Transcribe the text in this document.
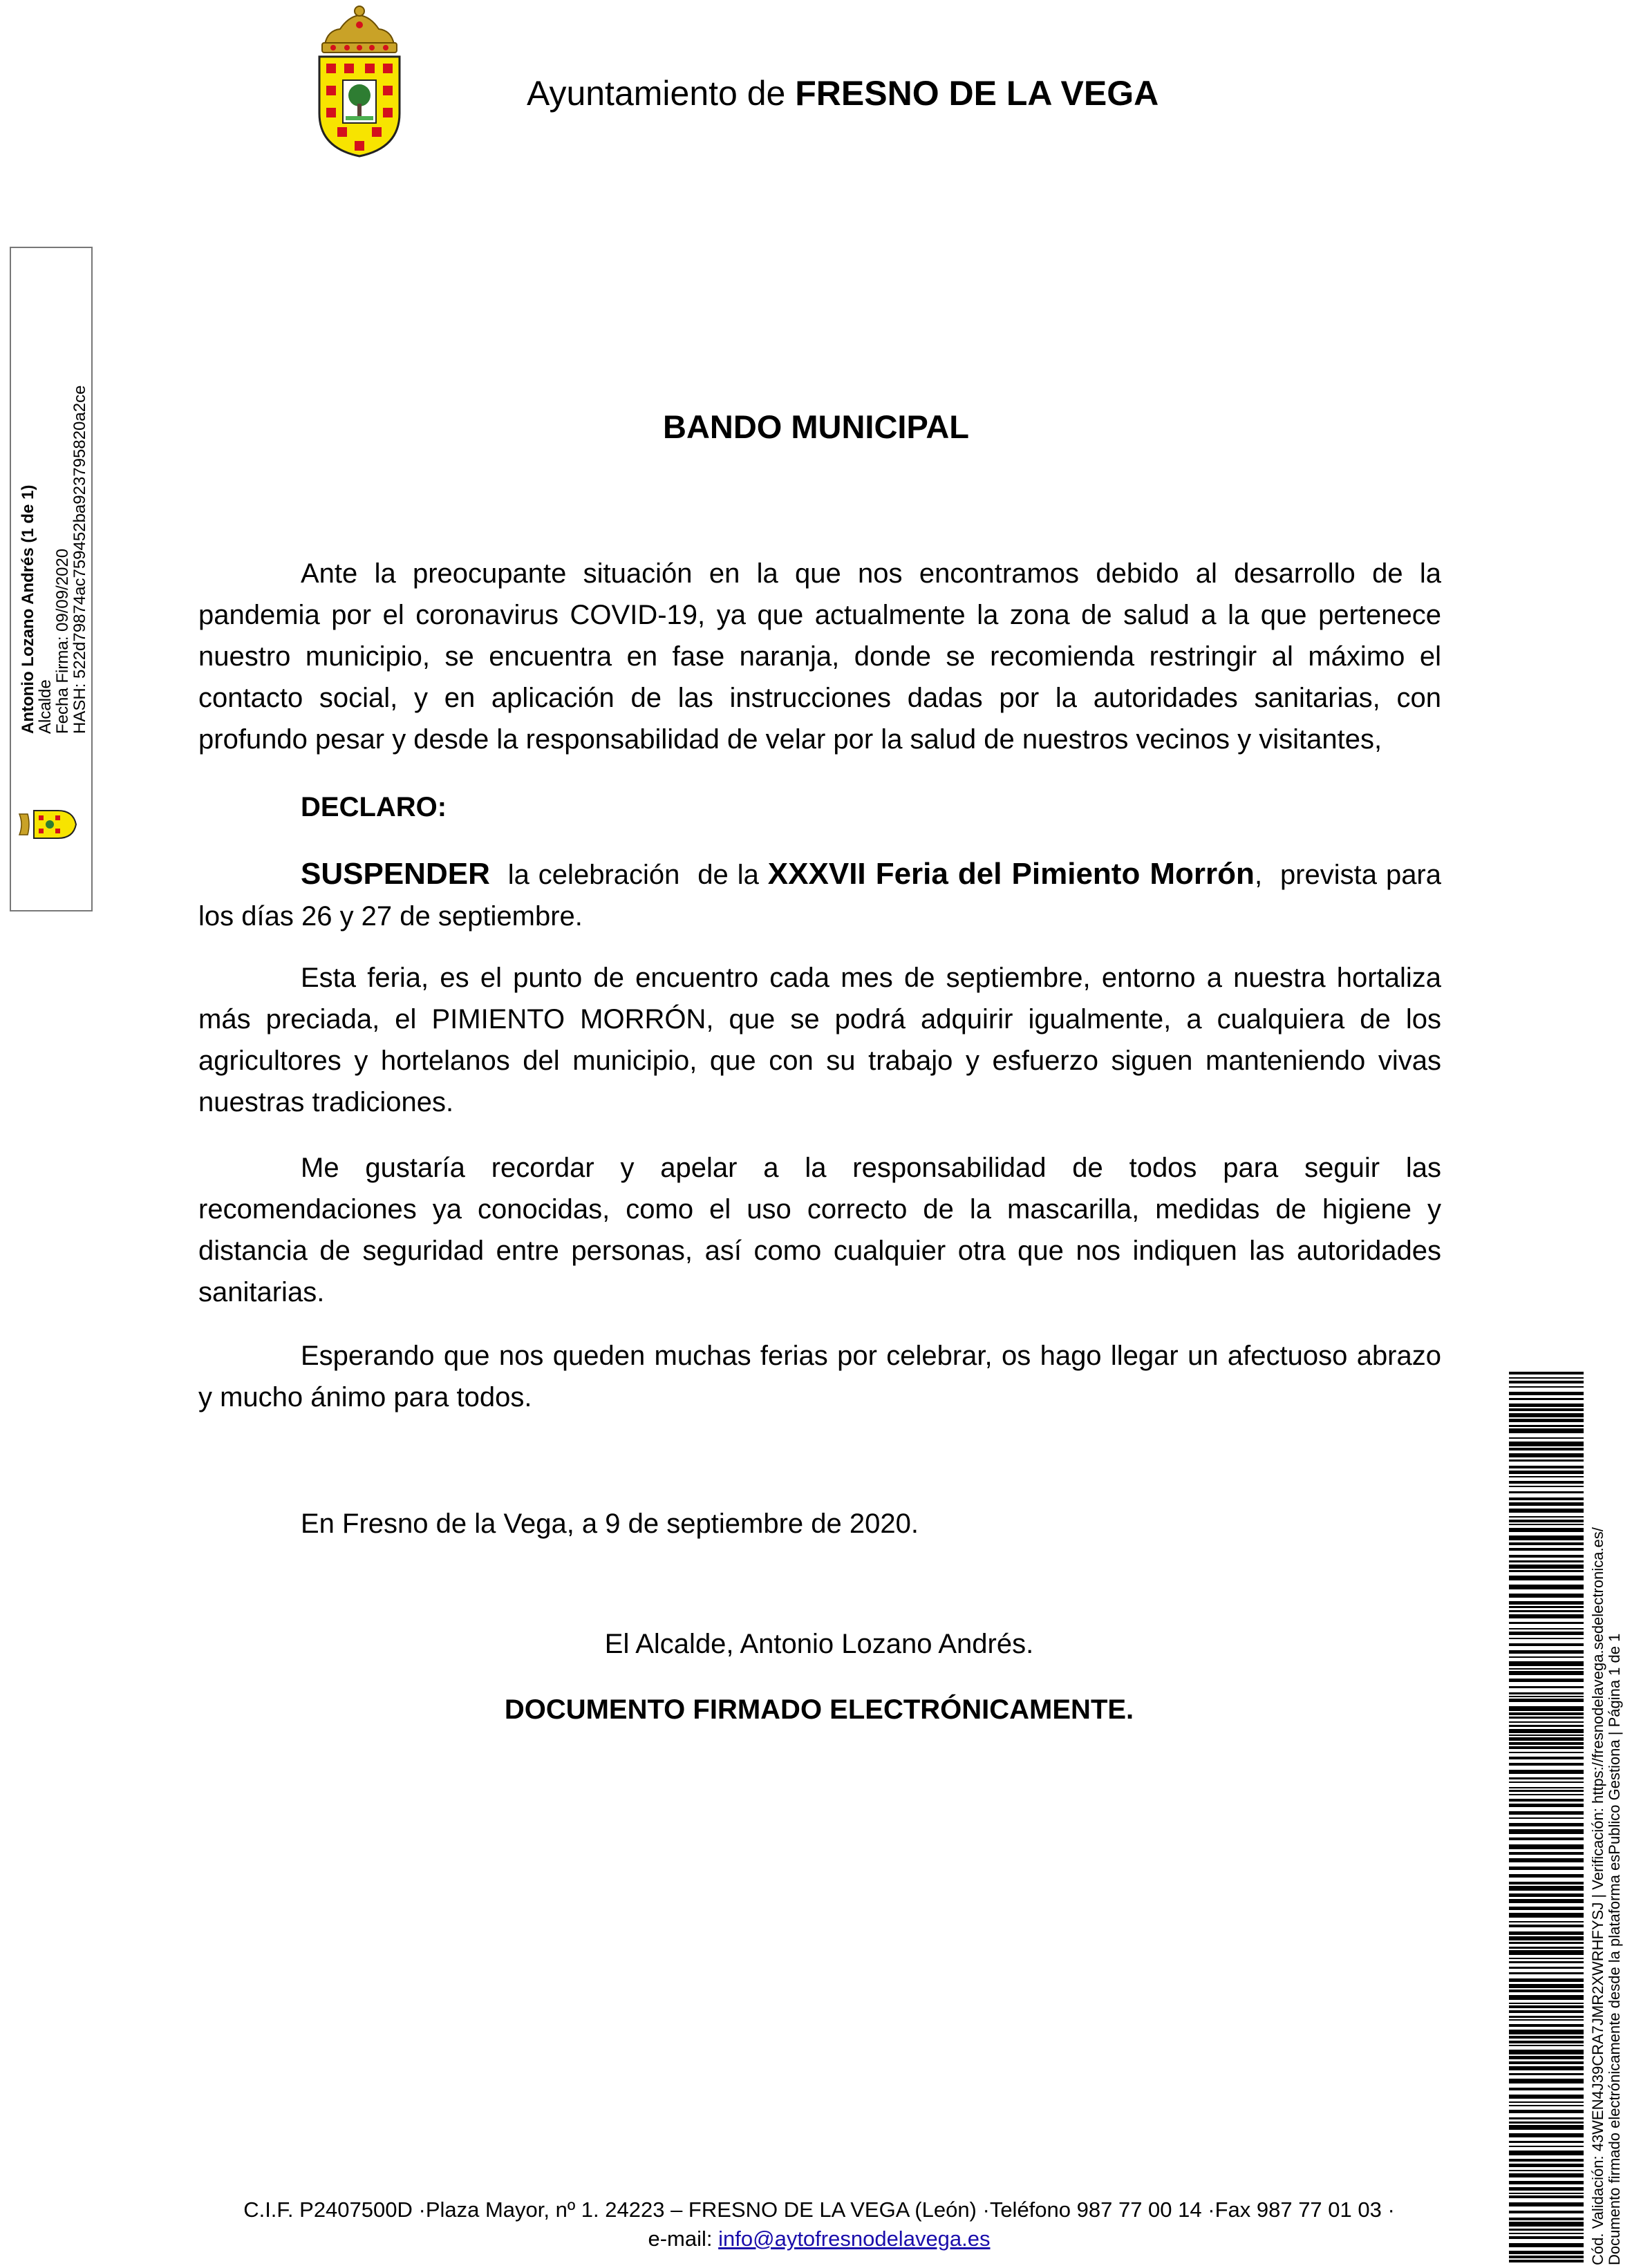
Ayuntamiento de FRESNO DE LA VEGA
Antonio Lozano Andrés (1 de 1)
Alcalde
Fecha Firma: 09/09/2020
HASH: 522d79874ac759452ba923795820a2ce	BANDO MUNICIPAL
Ante la preocupante situación en la que nos encontramos debido al desarrollo de la pandemia por el coronavirus COVID-19, ya que actualmente la zona de salud a la que pertenece nuestro municipio, se encuentra en fase naranja, donde se recomienda restringir al máximo el contacto social, y en aplicación de las instrucciones dadas por la autoridades sanitarias, con profundo pesar y desde la responsabilidad de velar por la salud de nuestros vecinos y visitantes,
DECLARO:
SUSPENDER  la celebración  de la XXXVII Feria del Pimiento Morrón,  prevista para los días 26 y 27 de septiembre.
Esta feria, es el punto de encuentro cada mes de septiembre, entorno a nuestra hortaliza más preciada, el PIMIENTO MORRÓN, que se podrá adquirir igualmente, a cualquiera de los agricultores y hortelanos del municipio, que con su trabajo y esfuerzo siguen manteniendo vivas nuestras tradiciones.
Me gustaría recordar y apelar a la responsabilidad de todos para seguir las recomendaciones ya conocidas, como el uso correcto de la mascarilla, medidas de higiene y distancia de seguridad entre personas, así como cualquier otra que nos indiquen las autoridades sanitarias.
Esperando que nos queden muchas ferias por celebrar, os hago llegar un afectuoso abrazo y mucho ánimo para todos.
En Fresno de la Vega, a 9 de septiembre de 2020.
El Alcalde, Antonio Lozano Andrés.
DOCUMENTO FIRMADO ELECTRÓNICAMENTE.	Cód. Validación: 43WEN4J39CRA7JMR2XWRHFYSJ | Verificación: https://fresnodelavega.sedelectronica.es/ Documento firmado electrónicamente desde la plataforma esPublico Gestiona | Página 1 de 1
C.I.F. P2407500D ·Plaza Mayor, nº 1. 24223 – FRESNO DE LA VEGA (León) ·Teléfono 987 77 00 14 ·Fax 987 77 01 03 ·
e-mail: info@aytofresnodelavega.es
